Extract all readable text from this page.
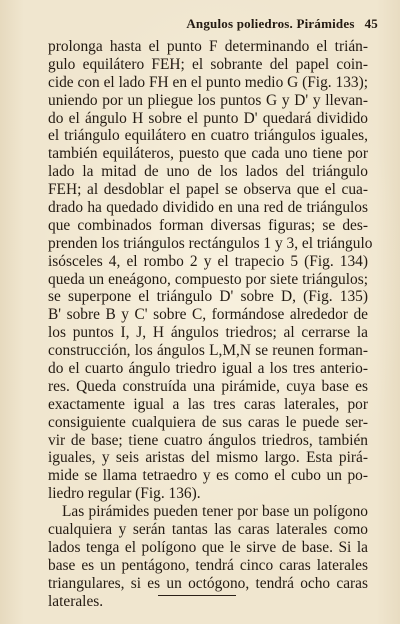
Angulos poliedros. Pirámides 45
prolonga hasta el punto F determinando el trián-
gulo equilátero FEH; el sobrante del papel coin-
cide con el lado FH en el punto medio G (Fig. 133);
uniendo por un pliegue los puntos G y D' y llevan-
do el ángulo H sobre el punto D' quedará dividido
el triángulo equilátero en cuatro triángulos iguales,
también equiláteros, puesto que cada uno tiene por
lado la mitad de uno de los lados del triángulo
FEH; al desdoblar el papel se observa que el cua-
drado ha quedado dividido en una red de triángulos
que combinados forman diversas figuras; se des-
prenden los triángulos rectángulos 1 y 3, el triángulo
isósceles 4, el rombo 2 y el trapecio 5 (Fig. 134)
queda un eneágono, compuesto por siete triángulos;
se superpone el triángulo D' sobre D, (Fig. 135)
B' sobre B y C' sobre C, formándose alrededor de
los puntos I, J, H ángulos triedros; al cerrarse la
construcción, los ángulos L,M,N se reunen forman-
do el cuarto ángulo triedro igual a los tres anterio-
res. Queda construída una pirámide, cuya base es
exactamente igual a las tres caras laterales, por
consiguiente cualquiera de sus caras le puede ser-
vir de base; tiene cuatro ángulos triedros, también
iguales, y seis aristas del mismo largo. Esta pirá-
mide se llama tetraedro y es como el cubo un po-
liedro regular (Fig. 136).
Las pirámides pueden tener por base un polígono
cualquiera y serán tantas las caras laterales como
lados tenga el polígono que le sirve de base. Si la
base es un pentágono, tendrá cinco caras laterales
triangulares, si es un octógono, tendrá ocho caras
laterales.
